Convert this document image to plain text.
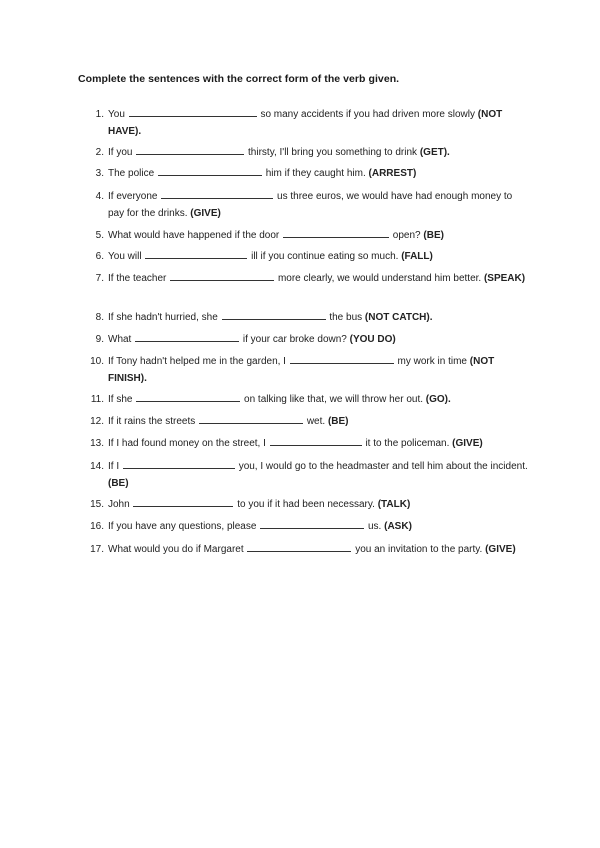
Complete the sentences with the correct form of the verb given.
1. You	so many accidents if you had driven more slowly (NOT HAVE).
2. If you	thirsty, I'll bring you something to drink (GET).
3. The police	him if they caught him. (ARREST)
4. If everyone	us three euros, we would have had enough money to pay for the drinks. (GIVE)
5. What would have happened if the door	open? (BE)
6. You will	ill if you continue eating so much. (FALL)
7. If the teacher	more clearly, we would understand him better. (SPEAK)
8. If she hadn't hurried, she	the bus (NOT CATCH).
9. What	if your car broke down? (YOU DO)
10. If Tony hadn't helped me in the garden, I	my work in time (NOT FINISH).
11. If she	on talking like that, we will throw her out. (GO).
12. If it rains the streets	wet. (BE)
13. If I had found money on the street, I	it to the policeman. (GIVE)
14. If I	you, I would go to the headmaster and tell him about the incident. (BE)
15. John	to you if it had been necessary. (TALK)
16. If you have any questions, please	us. (ASK)
17. What would you do if Margaret	you an invitation to the party. (GIVE)
